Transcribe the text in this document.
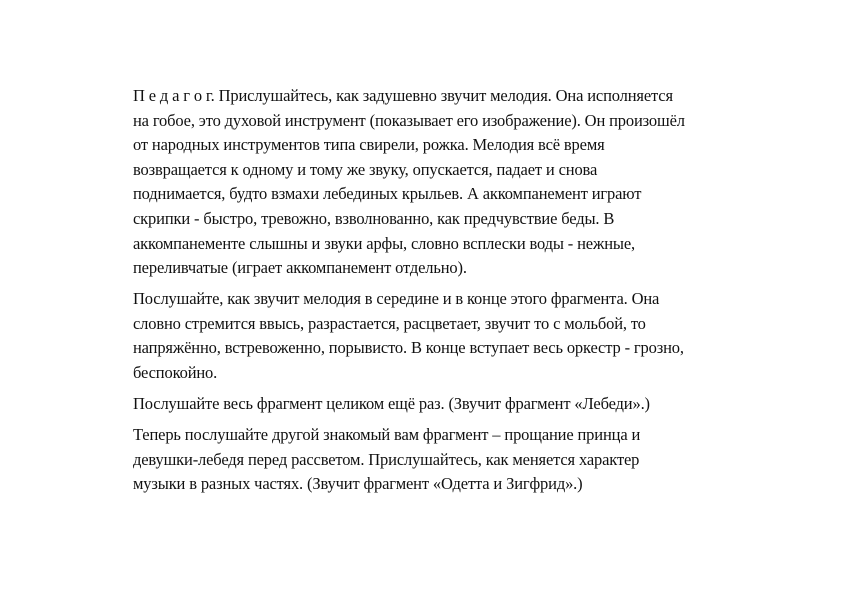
П е д а г о г. Прислушайтесь, как задушевно звучит мелодия. Она исполняется
на гобое, это духовой инструмент (показывает его изображение). Он произошёл
от народных инструментов типа свирели, рожка. Мелодия всё время
возвращается к одному и тому же звуку, опускается, падает и снова
поднимается, будто взмахи лебединых крыльев. А аккомпанемент играют
скрипки - быстро, тревожно, взволнованно, как предчувствие беды. В
аккомпанементе слышны и звуки арфы, словно всплески воды - нежные,
переливчатые (играет аккомпанемент отдельно).

Послушайте, как звучит мелодия в середине и в конце этого фрагмента. Она
словно стремится ввысь, разрастается, расцветает, звучит то с мольбой, то
напряжённо, встревоженно, порывисто. В конце вступает весь оркестр - грозно,
беспокойно.

Послушайте весь фрагмент целиком ещё раз. (Звучит фрагмент «Лебеди».)

Теперь послушайте другой знакомый вам фрагмент – прощание принца и
девушки-лебедя перед рассветом. Прислушайтесь, как меняется характер
музыки в разных частях. (Звучит фрагмент «Одетта и Зигфрид».)
